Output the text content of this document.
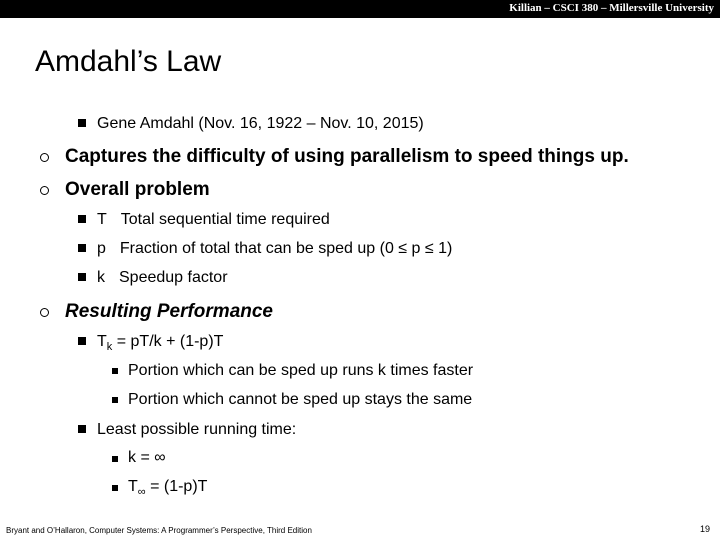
Killian – CSCI 380 – Millersville University
Amdahl’s Law
Gene Amdahl (Nov. 16, 1922 – Nov. 10, 2015)
Captures the difficulty of using parallelism to speed things up.
Overall problem
T Total sequential time required
p Fraction of total that can be sped up (0 ≤ p ≤ 1)
k Speedup factor
Resulting Performance
$T_k = pT/k + (1-p)T$
Portion which can be sped up runs k times faster
Portion which cannot be sped up stays the same
Least possible running time:
k = ∞
$T_\infty = (1-p)T$
Bryant and O’Hallaron, Computer Systems: A Programmer’s Perspective, Third Edition	19
